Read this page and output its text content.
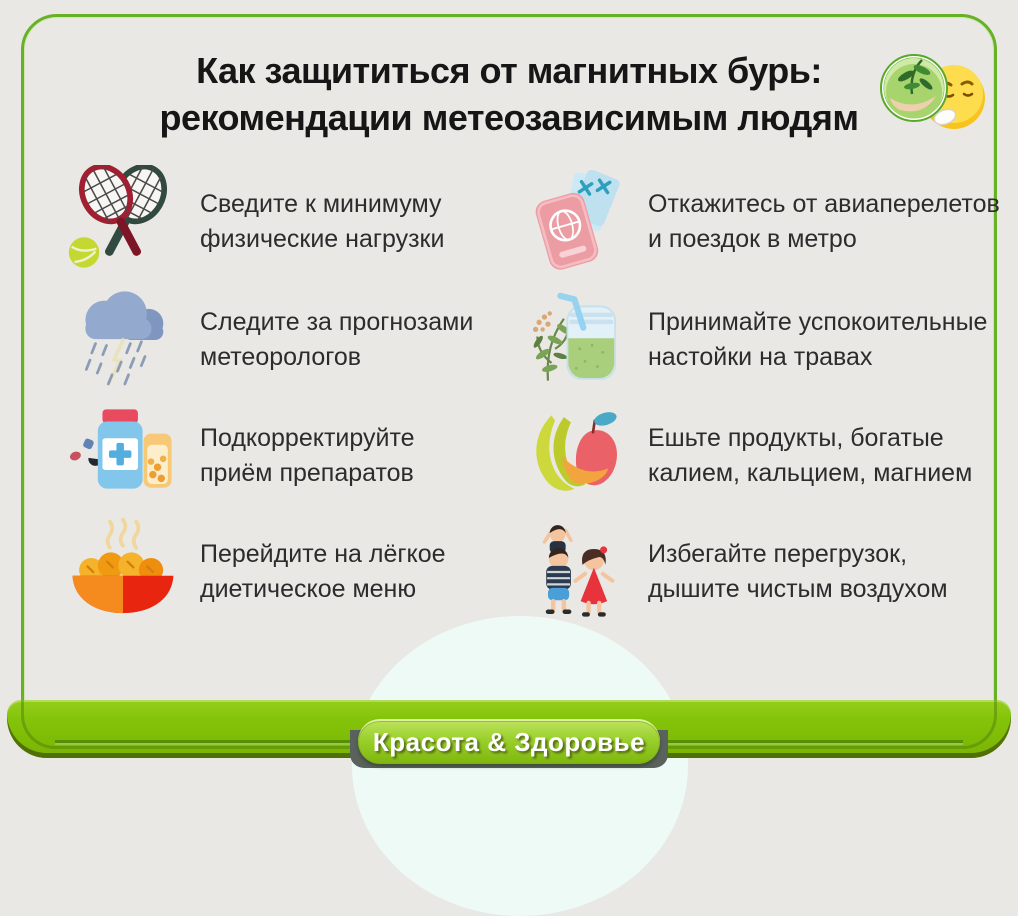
Как защититься от магнитных бурь:
рекомендации метеозависимым людям
Сведите к минимуму
физические нагрузки
Следите за прогнозами
метеорологов
Подкорректируйте
приём препаратов
Перейдите на лёгкое
диетическое меню
Откажитесь от авиаперелетов
и поездок в метро
Принимайте успокоительные
настойки на травах
Ешьте продукты, богатые
калием, кальцием, магнием
Избегайте перегрузок,
дышите чистым воздухом
Красота & Здоровье
